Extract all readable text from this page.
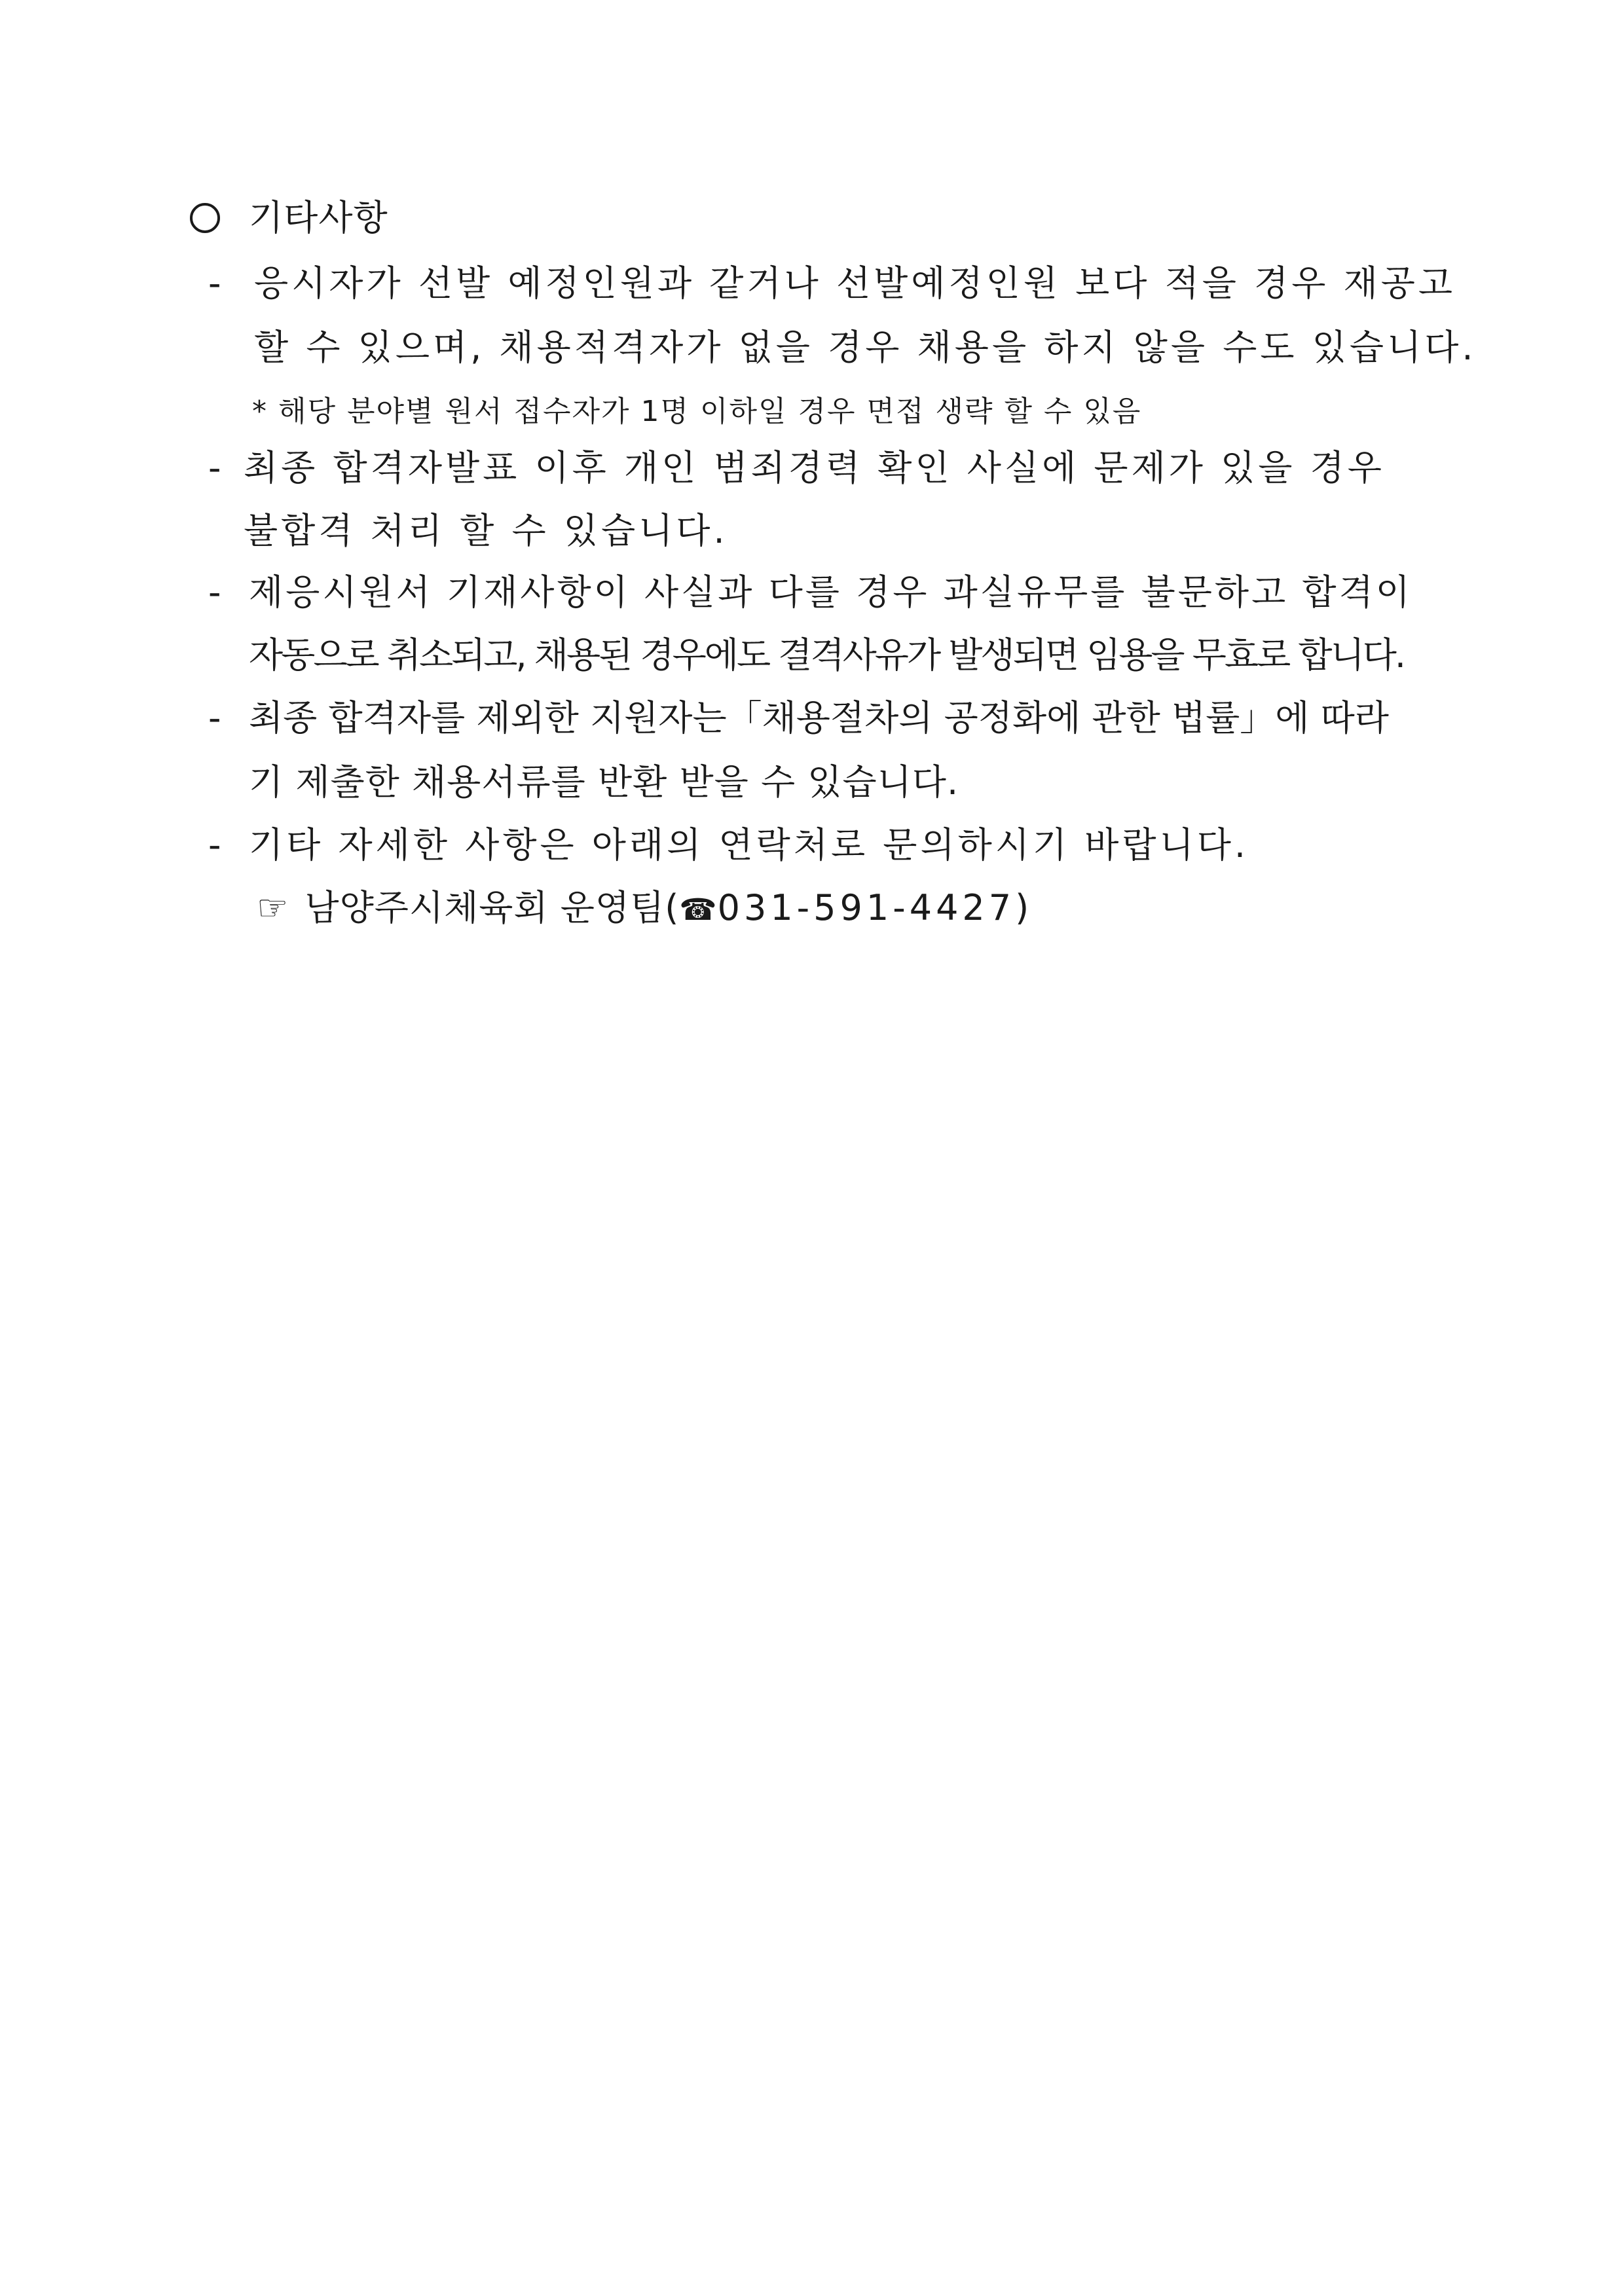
기타사항
- 응시자가 선발 예정인원과 같거나 선발예정인원 보다 적을 경우 재공고
할 수 있으며, 채용적격자가 없을 경우 채용을 하지 않을 수도 있습니다.
* 해당 분야별 원서 접수자가 1명 이하일 경우 면접 생략 할 수 있음
- 최종 합격자발표 이후 개인 범죄경력 확인 사실에 문제가 있을 경우
불합격 처리 할 수 있습니다.
- 제응시원서 기재사항이 사실과 다를 경우 과실유무를 불문하고 합격이
자동으로 취소되고, 채용된 경우에도 결격사유가 발생되면 임용을 무효로 합니다.
- 최종 합격자를 제외한 지원자는「채용절차의 공정화에 관한 법률」에 따라
기 제출한 채용서류를 반환 받을 수 있습니다.
- 기타 자세한 사항은 아래의 연락처로 문의하시기 바랍니다.
☞ 남양주시체육회 운영팀(☎031-591-4427)
